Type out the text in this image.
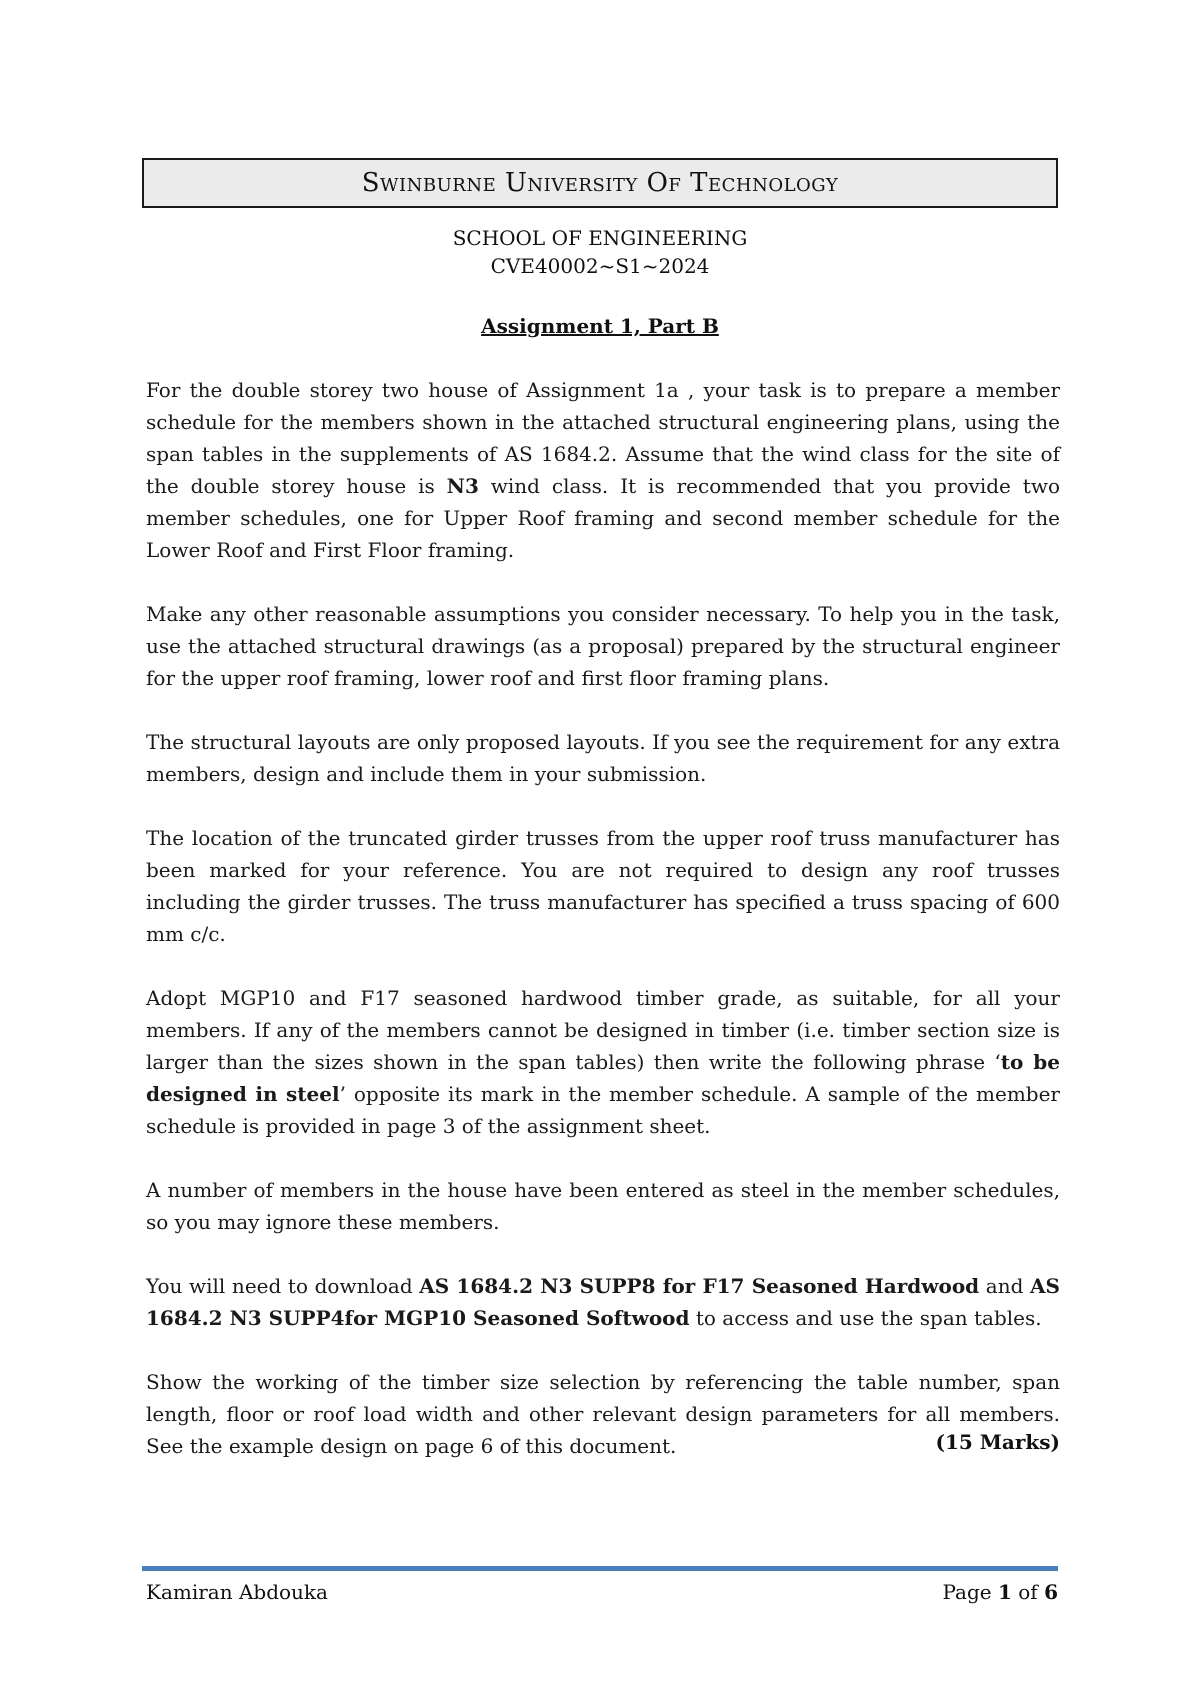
Swinburne University Of Technology
SCHOOL OF ENGINEERING
CVE40002~S1~2024
Assignment 1, Part B

For the double storey two house of Assignment 1a , your task is to prepare a member schedule for the members shown in the attached structural engineering plans, using the span tables in the supplements of AS 1684.2. Assume that the wind class for the site of the double storey house is N3 wind class. It is recommended that you provide two member schedules, one for Upper Roof framing and second member schedule for the Lower Roof and First Floor framing.

Make any other reasonable assumptions you consider necessary. To help you in the task, use the attached structural drawings (as a proposal) prepared by the structural engineer for the upper roof framing, lower roof and first floor framing plans.

The structural layouts are only proposed layouts. If you see the requirement for any extra members, design and include them in your submission.

The location of the truncated girder trusses from the upper roof truss manufacturer has been marked for your reference. You are not required to design any roof trusses including the girder trusses. The truss manufacturer has specified a truss spacing of 600 mm c/c.

Adopt MGP10 and F17 seasoned hardwood timber grade, as suitable, for all your members. If any of the members cannot be designed in timber (i.e. timber section size is larger than the sizes shown in the span tables) then write the following phrase ‘to be designed in steel’ opposite its mark in the member schedule. A sample of the member schedule is provided in page 3 of the assignment sheet.

A number of members in the house have been entered as steel in the member schedules, so you may ignore these members.

You will need to download AS 1684.2 N3 SUPP8 for F17 Seasoned Hardwood and AS 1684.2 N3 SUPP4for MGP10 Seasoned Softwood to access and use the span tables.

Show the working of the timber size selection by referencing the table number, span length, floor or roof load width and other relevant design parameters for all members. See the example design on page 6 of this document.	(15 Marks)
Kamiran Abdouka	Page 1 of 6
